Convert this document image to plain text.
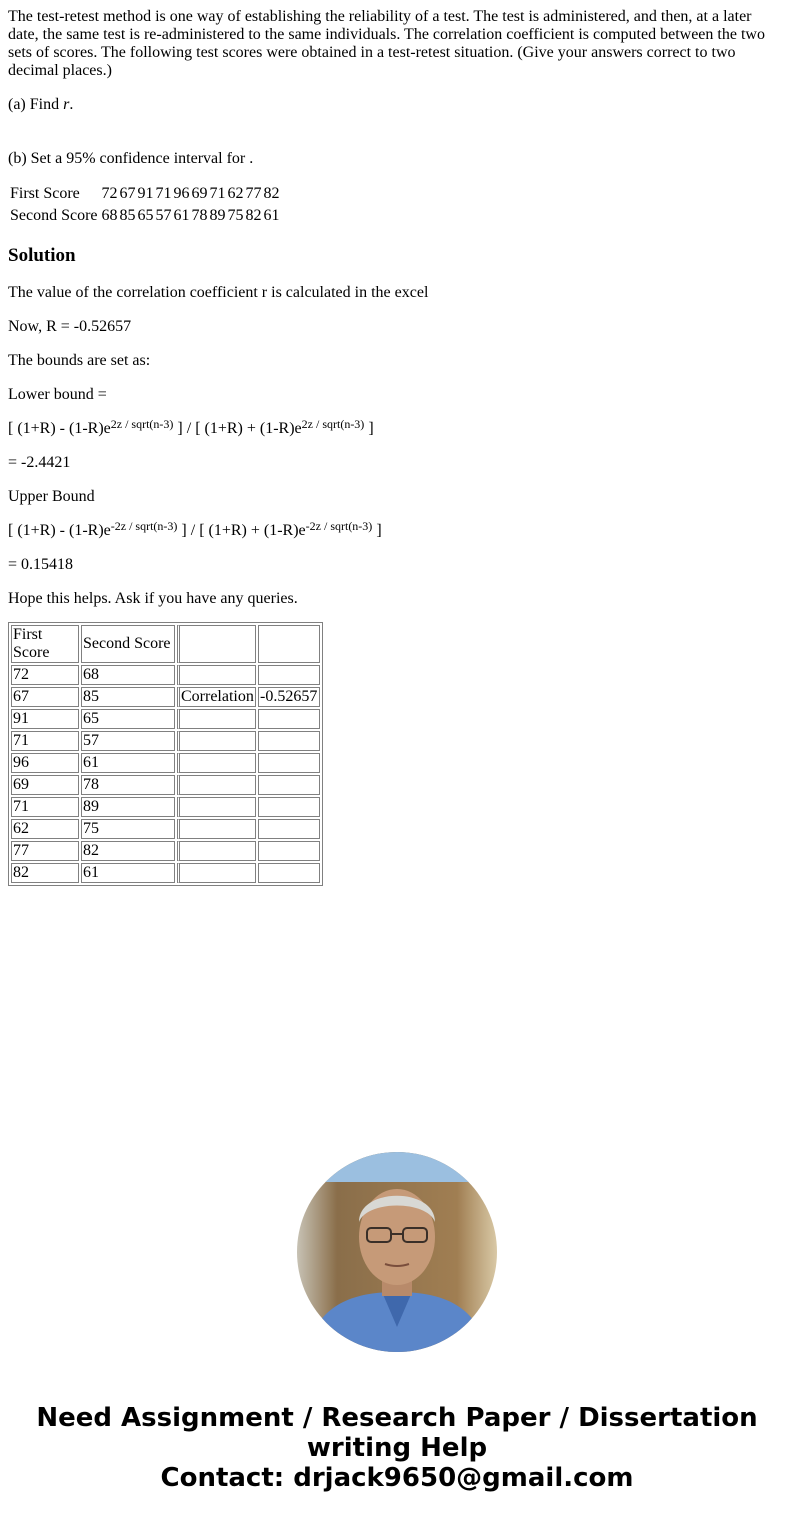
The test-retest method is one way of establishing the reliability of a test. The test is administered, and then, at a later date, the same test is re-administered to the same individuals. The correlation coefficient is computed between the two sets of scores. The following test scores were obtained in a test-retest situation. (Give your answers correct to two decimal places.)

(a) Find r.
(b) Set a 95% confidence interval for .
First Score	72	67	91	71	96	69	71	62	77	82
Second Score	68	85	65	57	61	78	89	75	82	61
Solution

The value of the correlation coefficient r is calculated in the excel

Now, R = -0.52657

The bounds are set as:

Lower bound =

[ $(1+R) - (1-R)e^{2z / sqrt(n-3)}$ ] / [ $(1+R) + (1-R)e^{2z / sqrt(n-3)}$ ]

= -2.4421

Upper Bound

[ $(1+R) - (1-R)e^{-2z / sqrt(n-3)}$ ] / [ $(1+R) + (1-R)e^{-2z / sqrt(n-3)}$ ]

= 0.15418

Hope this helps. Ask if you have any queries.

First Score	Second Score		
72	68		
67	85	Correlation	-0.52657
91	65		
71	57		
96	61		
69	78		
71	89		
62	75		
77	82		
82	61		
Need Assignment / Research Paper / Dissertation
writing Help
Contact: drjack9650@gmail.com
